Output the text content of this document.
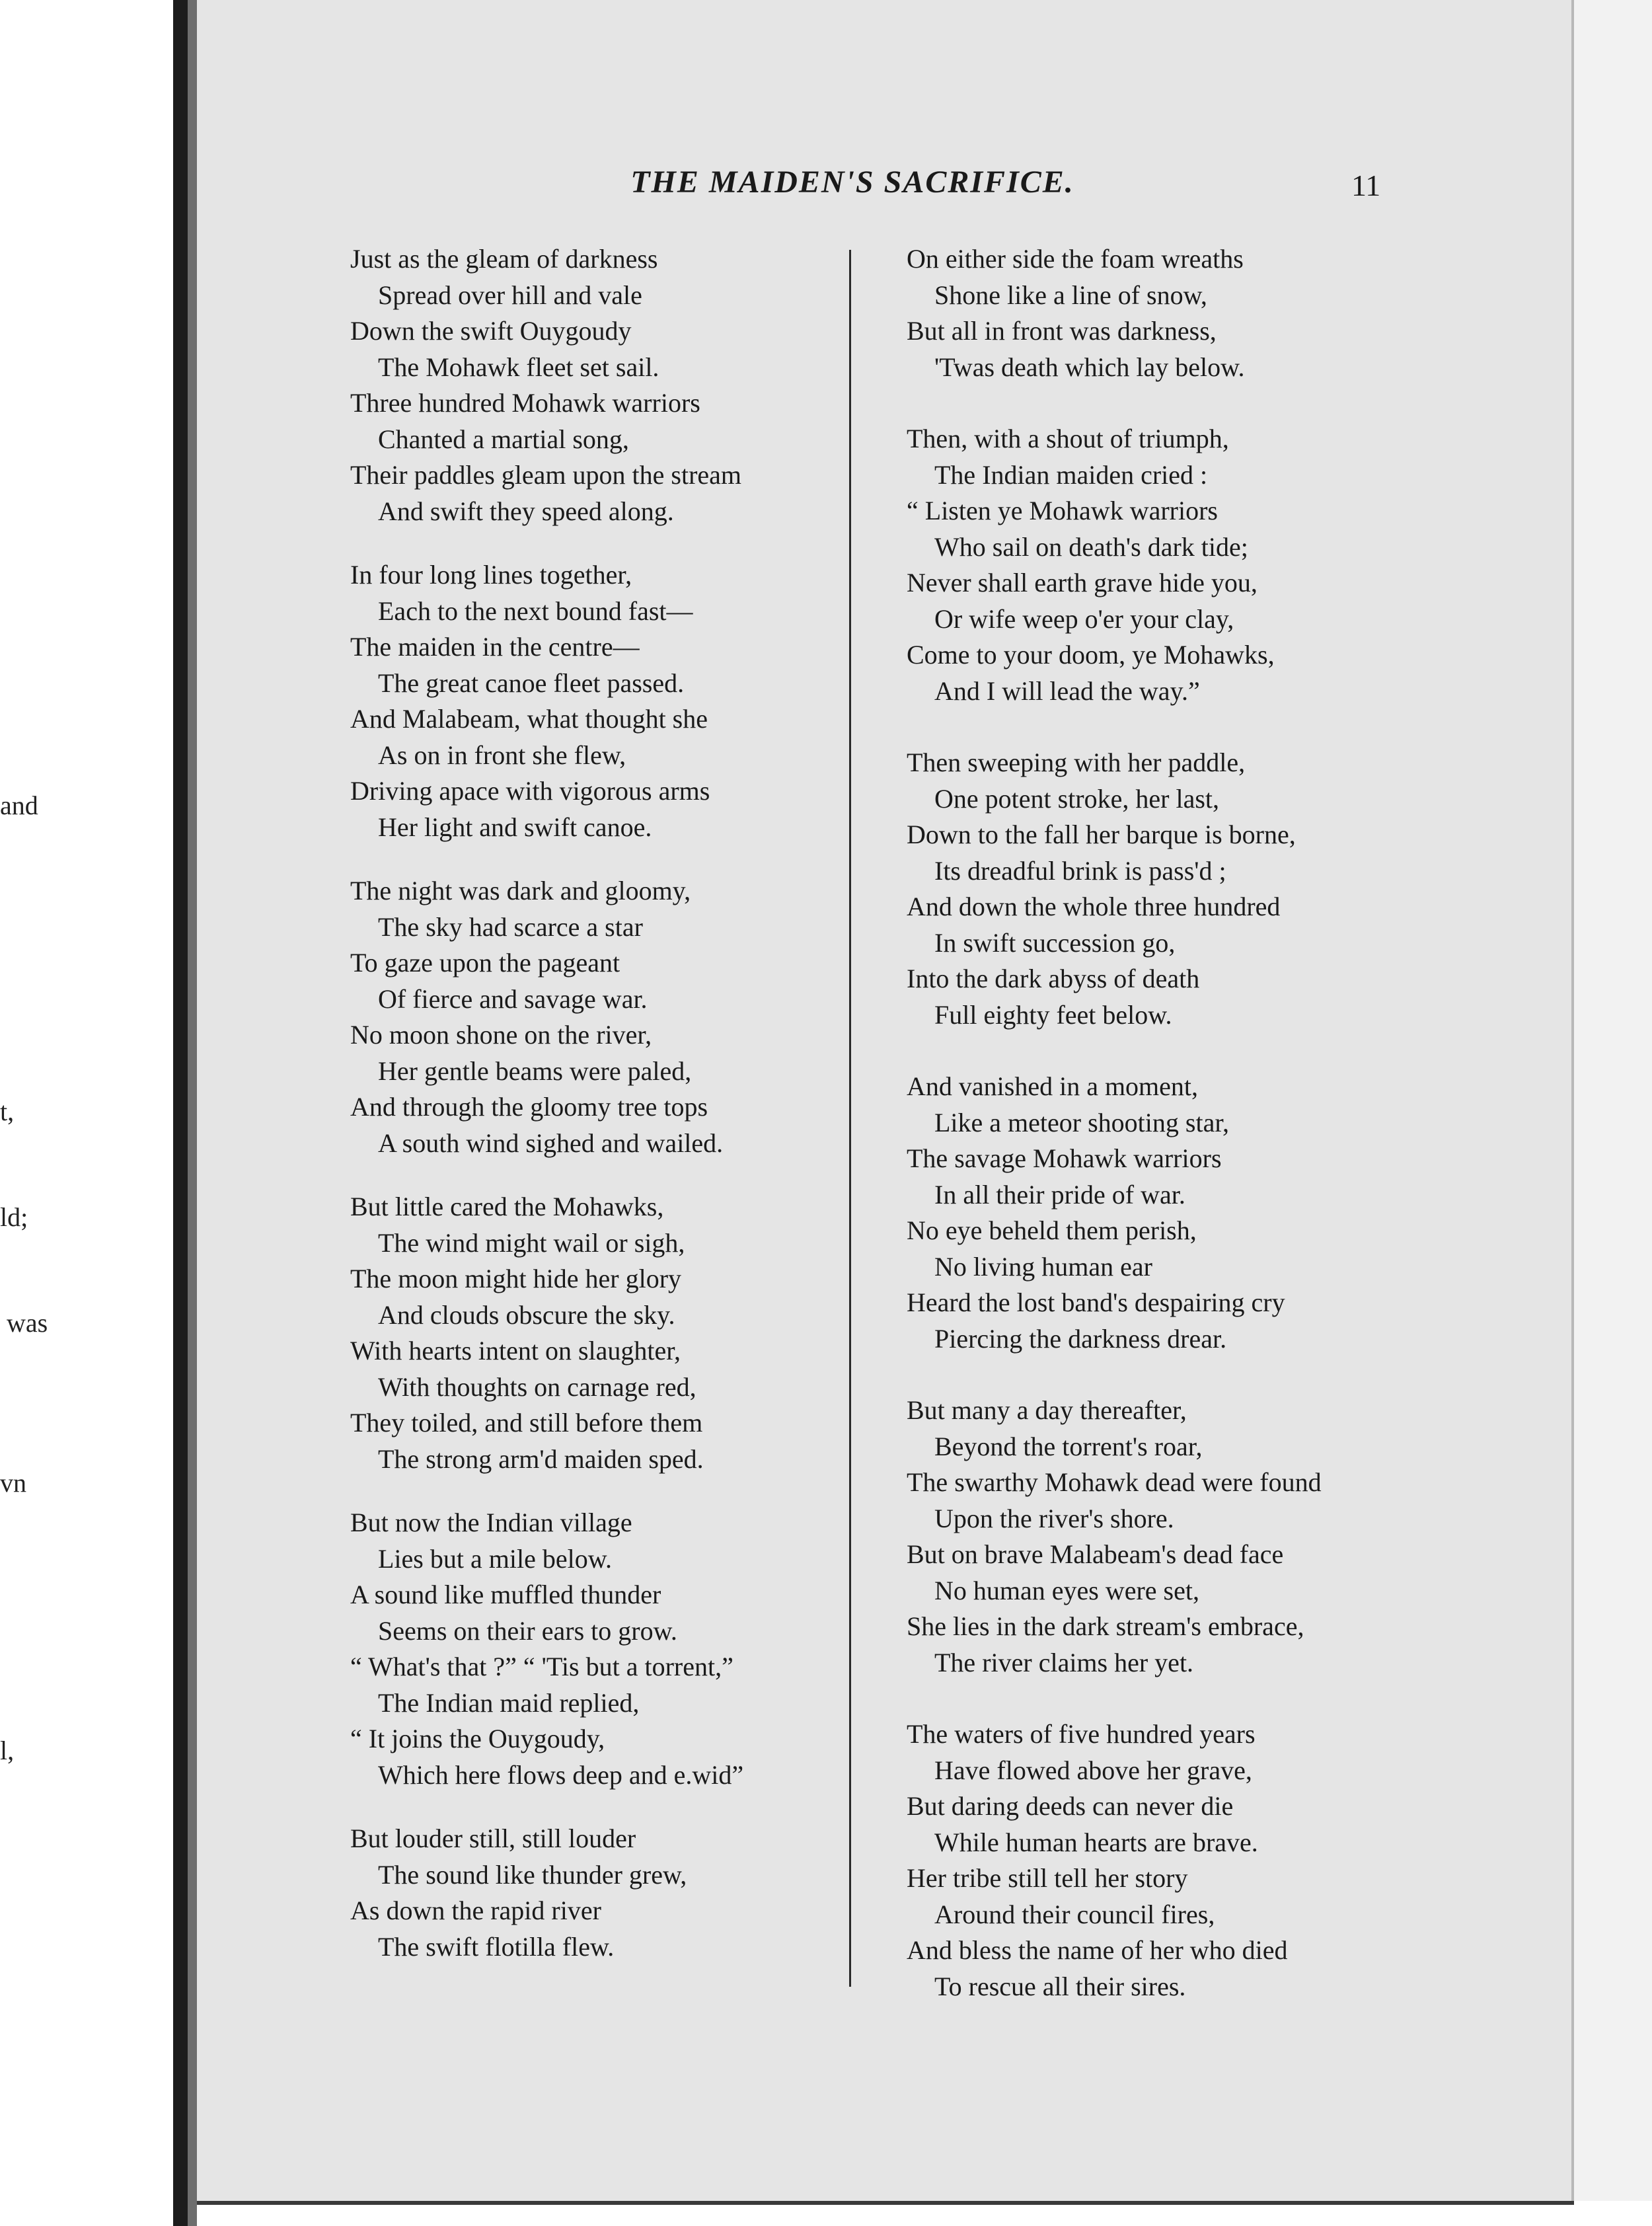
and
t,
ld;
was
vn
l,
THE MAIDEN'S SACRIFICE.	11
Just as the gleam of darkness
Spread over hill and vale
Down the swift Ouygoudy
The Mohawk fleet set sail.
Three hundred Mohawk warriors
Chanted a martial song,
Their paddles gleam upon the stream
And swift they speed along.
In four long lines together,
Each to the next bound fast—
The maiden in the centre—
The great canoe fleet passed.
And Malabeam, what thought she
As on in front she flew,
Driving apace with vigorous arms
Her light and swift canoe.
The night was dark and gloomy,
The sky had scarce a star
To gaze upon the pageant
Of fierce and savage war.
No moon shone on the river,
Her gentle beams were paled,
And through the gloomy tree tops
A south wind sighed and wailed.
But little cared the Mohawks,
The wind might wail or sigh,
The moon might hide her glory
And clouds obscure the sky.
With hearts intent on slaughter,
With thoughts on carnage red,
They toiled, and still before them
The strong arm'd maiden sped.
But now the Indian village
Lies but a mile below.
A sound like muffled thunder
Seems on their ears to grow.
“ What's that ?” “ 'Tis but a torrent,”
The Indian maid replied,
“ It joins the Ouygoudy,
Which here flows deep and e.wid”
But louder still, still louder
The sound like thunder grew,
As down the rapid river
The swift flotilla flew.
On either side the foam wreaths
Shone like a line of snow,
But all in front was darkness,
'Twas death which lay below.
Then, with a shout of triumph,
The Indian maiden cried :
“ Listen ye Mohawk warriors
Who sail on death's dark tide;
Never shall earth grave hide you,
Or wife weep o'er your clay,
Come to your doom, ye Mohawks,
And I will lead the way.”
Then sweeping with her paddle,
One potent stroke, her last,
Down to the fall her barque is borne,
Its dreadful brink is pass'd ;
And down the whole three hundred
In swift succession go,
Into the dark abyss of death
Full eighty feet below.
And vanished in a moment,
Like a meteor shooting star,
The savage Mohawk warriors
In all their pride of war.
No eye beheld them perish,
No living human ear
Heard the lost band's despairing cry
Piercing the darkness drear.
But many a day thereafter,
Beyond the torrent's roar,
The swarthy Mohawk dead were found
Upon the river's shore.
But on brave Malabeam's dead face
No human eyes were set,
She lies in the dark stream's embrace,
The river claims her yet.
The waters of five hundred years
Have flowed above her grave,
But daring deeds can never die
While human hearts are brave.
Her tribe still tell her story
Around their council fires,
And bless the name of her who died
To rescue all their sires.
